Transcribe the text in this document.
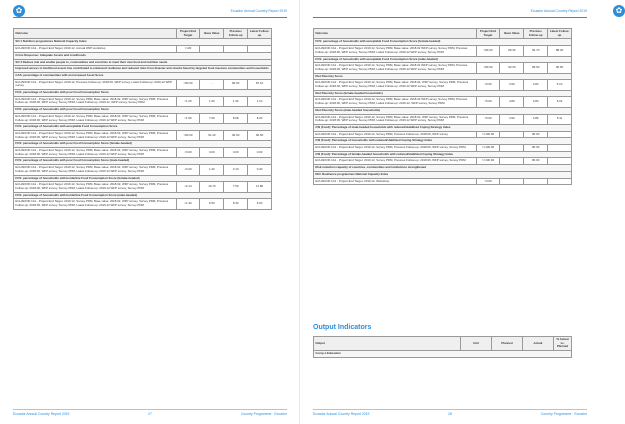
✿	Ecuador Annual Country Report 2019
Outcome	Project End Target	Base Value	Previous Follow-up	Latest Follow-up
SO 1 Nutrition programmes National Capacity Index				
ECUADOR CA1 - Project End Target: 2019.12, Annual WFP workshop	>=20			
Crisis Response: Adequate Assets and Livelihoods				
SO 4 Reduce risk and enable people to, communities and countries to meet their own food and nutrition needs				
Improved access to livelihood assets has contributed to enhanced resilience and reduced risks from disaster and shocks faced by targeted food-insecure communities and households				
CAS: percentage of communities with an increased Asset Score				
ECUADOR CA1 - Project End Target: 2019.12, Previous Follow-up: 2018.09, WFP survey, Latest Follow-up: 2019.12 WFP survey	>80.00	-	80.00	87.10
FCS: percentage of households with poor Food Consumption Score				
ECUADOR CA1 - Project End Target: 2019.12, Survey PDM, Base value: 2018.02, WFP survey, Survey PDM, Previous Follow-up: 2018.06, WFP survey, Survey PDM, Latest Follow-up: 2019.12, WFP survey, Survey PDM	<1.20	1.20	1.30	1.10
FCS: percentage of households with poor Food Consumption Score				
ECUADOR CA1 - Project End Target: 2019.12, Survey PDM, Base value: 2018.02, WFP survey, Survey PDM, Previous Follow-up: 2018.06, WFP survey, Survey PDM, Latest Follow-up: 2019.12 WFP survey, Survey PDM	<1.50	7.60	8.08	8.20
FCS: percentage of households with acceptable Food Consumption Score				
ECUADOR CA1 - Project End Target: 2019.12, Survey PDM, Base value: 2018.02, WFP survey, Survey PDM, Previous Follow-up: 2018.06, WFP survey, Survey PDM, Latest Follow-up: 2019.12 WFP survey, Survey PDM	>80.00	91.40	90.00	90.50
FCS: percentage of households with poor Food Consumption Score (female-headed)				
ECUADOR CA1 - Project End Target: 2019.12, Survey PDM, Base value: 2018.02, WFP survey, Survey PDM, Previous Follow-up: 2018.06, WFP survey, Survey PDM, Latest Follow-up: 2019.12 WFP survey, Survey PDM	<0.00	0.00	0.00	0.00
FCS: percentage of households with poor Food Consumption Score (male-headed)				
ECUADOR CA1 - Project End Target: 2019.12, Survey PDM, Base value: 2018.02, WFP survey, Survey PDM, Previous Follow-up: 2018.06, WFP survey, Survey PDM, Latest Follow-up: 2019.12 WFP survey, Survey PDM	<0.20	1.40	2.10	0.40
FCS: percentage of households with borderline Food Consumption Score (female-headed)				
ECUADOR CA1 - Project End Target: 2019.12, Survey PDM, Base value: 2018.02, WFP survey, Survey PDM, Previous Follow-up: 2018.06, WFP survey, Survey PDM, Latest Follow-up: 2019.12 WFP survey, Survey PDM	<2.14	10.70	7.50	11.80
FCS: percentage of households with borderline Food Consumption Score (male-headed)				
ECUADOR CA1 - Project End Target: 2019.12, Survey PDM, Base value: 2018.02, WFP survey, Survey PDM, Previous Follow-up: 2018.06, WFP survey, Survey PDM, Latest Follow-up: 2019.12 WFP survey, Survey PDM	<1.30	6.50	6.30	6.00
Ecuador Annual Country Report 2019	27	Country Programme · Ecuador
✿
Ecuador Annual Country Report 2019
Outcome	Project End Target	Base Value	Previous Follow-up	Latest Follow-up
FCS: percentage of households with acceptable Food Consumption Score (female-headed)				
ECUADOR CA1 - Project End Target: 2019.12, Survey PDM, Base value: 2018.02 WFP survey, Survey PDM, Previous Follow-up: 2018.06, WFP survey, Survey PDM, Latest Follow-up: 2019.12 WFP survey, Survey PDM	>80.00	89.30	92.70	88.20
FCS: percentage of households with acceptable Food Consumption Score (male-headed)				
ECUADOR CA1 - Project End Target: 2019.12, Survey PDM, Base value: 2018.02 WFP survey, Survey PDM, Previous Follow-up: 2018.06, WFP survey, Survey PDM, Latest Follow-up: 2019.12 WFP survey, Survey PDM	>80.00	92.20	89.60	90.50
Diet Diversity Score				
ECUADOR CA1 - Project End Target: 2019.12, Survey PDM, Base value: 2018.02, WFP survey, Survey PDM, Previous Follow-up: 2018.06, WFP survey, Survey PDM, Latest Follow-up: 2019.12 WFP survey, Survey PDM	>5.00	4.90	4.84	5.10
Diet Diversity Score (female-headed households)				
ECUADOR CA1 - Project End Target: 2019.12, Survey PDM, Base value: 2018.02 WFP survey, Survey PDM, Previous Follow-up: 2018.06, WFP survey, Survey PDM, Latest Follow-up: 2019.12, WFP survey, Survey PDM	>5.00	4.80	4.84	5.02
Diet Diversity Score (male-headed households)				
ECUADOR CA1 - Project End Target: 2019.12, Survey PDM, Base value: 2018.02, WFP survey, Survey PDM, Previous Follow-up: 2018.06, WFP survey, Survey PDM, Latest Follow-up: 2019.12 WFP survey, Survey PDM	>5.00	4.90	4.86	5.11
CSI (Food): Percentage of male-headed households with reduced/stabilized Coping Strategy Index				
ECUADOR CA1 - Project End Target: 2019.12, Survey PDM, Previous Follow-up: 2018.06, WFP survey	>=100.00		80.00	
CSI (Food): Percentage of households with reduced/stabilized Coping Strategy Index				
ECUADOR CA1 - Project End Target: 2019.12, Survey PDM, Previous Follow-up: 2018.06, WFP survey, Survey PDM	>=100.00		80.00	
CSI (Food): Percentage of female-headed households with reduced/stabilized Coping Strategy Index				
ECUADOR CA1 - Project End Target: 2019.12, Survey PDM, Previous Follow-up: 2018.06, WFP survey, Survey PDM	>=100.00		80.00	
Risk reduction capacity of countries, communities and institutions strengthened				
NCI: Resilience programmes National Capacity Index				
ECUADOR CA1 - Project End Target: 2019.12, Workshop	>0.00			
Output Indicators
Output	Unit	Planned	Actual	% Actual vs. Planned
Comp.1-Education
Ecuador Annual Country Report 2019	28	Country Programme · Ecuador
